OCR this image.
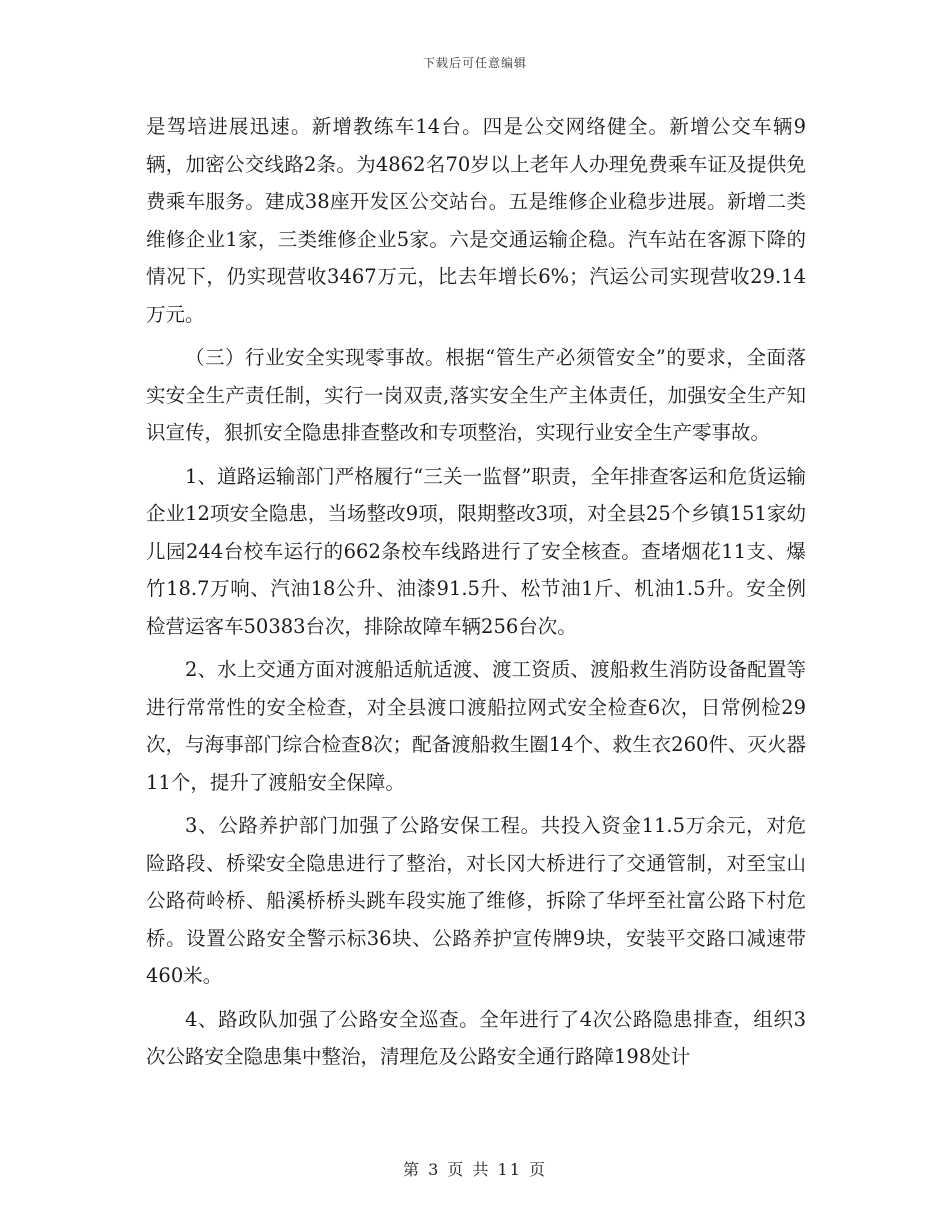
下载后可任意编辑

是驾培进展迅速。新增教练车14台。四是公交网络健全。新增公交车辆9辆，加密公交线路2条。为4862名70岁以上老年人办理免费乘车证及提供免费乘车服务。建成38座开发区公交站台。五是维修企业稳步进展。新增二类维修企业1家，三类维修企业5家。六是交通运输企稳。汽车站在客源下降的情况下，仍实现营收3467万元，比去年增长6%；汽运公司实现营收29.14万元。

（三）行业安全实现零事故。根据“管生产必须管安全”的要求，全面落实安全生产责任制，实行一岗双责,落实安全生产主体责任，加强安全生产知识宣传，狠抓安全隐患排查整改和专项整治，实现行业安全生产零事故。

1、道路运输部门严格履行“三关一监督”职责，全年排查客运和危货运输企业12项安全隐患，当场整改9项，限期整改3项，对全县25个乡镇151家幼儿园244台校车运行的662条校车线路进行了安全核查。查堵烟花11支、爆竹18.7万响、汽油18公升、油漆91.5升、松节油1斤、机油1.5升。安全例检营运客车50383台次，排除故障车辆256台次。

2、水上交通方面对渡船适航适渡、渡工资质、渡船救生消防设备配置等进行常常性的安全检查，对全县渡口渡船拉网式安全检查6次，日常例检29次，与海事部门综合检查8次；配备渡船救生圈14个、救生衣260件、灭火器11个，提升了渡船安全保障。

3、公路养护部门加强了公路安保工程。共投入资金11.5万余元，对危险路段、桥梁安全隐患进行了整治，对长冈大桥进行了交通管制，对至宝山公路荷岭桥、船溪桥桥头跳车段实施了维修，拆除了华坪至社富公路下村危桥。设置公路安全警示标36块、公路养护宣传牌9块，安装平交路口减速带460米。

4、路政队加强了公路安全巡查。全年进行了4次公路隐患排查，组织3次公路安全隐患集中整治，清理危及公路安全通行路障198处计

第 3 页 共 11 页
